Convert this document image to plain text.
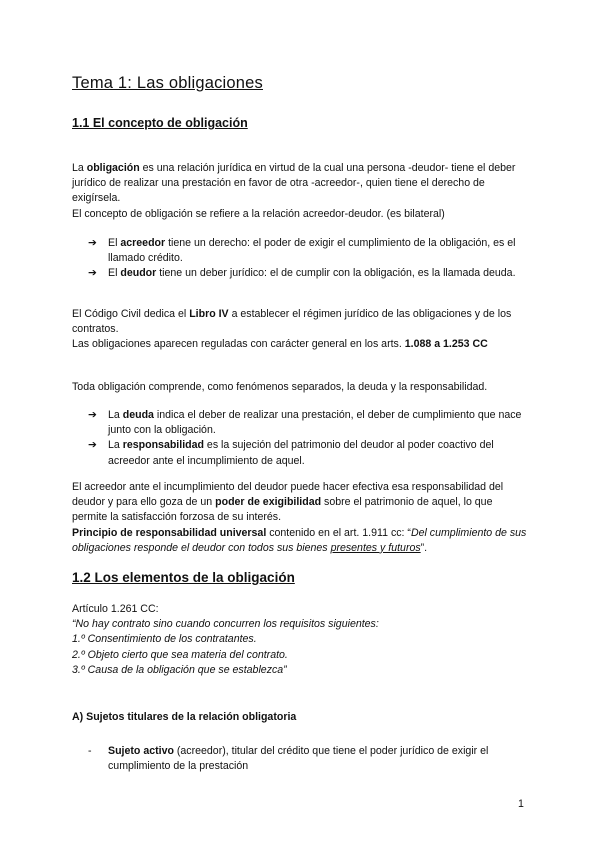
Tema 1: Las obligaciones
1.1 El concepto de obligación
La obligación es una relación jurídica en virtud de la cual una persona -deudor- tiene el deber jurídico de realizar una prestación en favor de otra -acreedor-, quien tiene el derecho de exigírsela.
El concepto de obligación se refiere a la relación acreedor-deudor. (es bilateral)
➔ El acreedor tiene un derecho: el poder de exigir el cumplimiento de la obligación, es el llamado crédito.
➔ El deudor tiene un deber jurídico: el de cumplir con la obligación, es la llamada deuda.
El Código Civil dedica el Libro IV a establecer el régimen jurídico de las obligaciones y de los contratos.
Las obligaciones aparecen reguladas con carácter general en los arts. 1.088 a 1.253 CC
Toda obligación comprende, como fenómenos separados, la deuda y la responsabilidad.
➔ La deuda indica el deber de realizar una prestación, el deber de cumplimiento que nace junto con la obligación.
➔ La responsabilidad es la sujeción del patrimonio del deudor al poder coactivo del acreedor ante el incumplimiento de aquel.
El acreedor ante el incumplimiento del deudor puede hacer efectiva esa responsabilidad del deudor y para ello goza de un poder de exigibilidad sobre el patrimonio de aquel, lo que permite la satisfacción forzosa de su interés.
Principio de responsabilidad universal contenido en el art. 1.911 cc: “Del cumplimiento de sus obligaciones responde el deudor con todos sus bienes presentes y futuros”.
1.2 Los elementos de la obligación
Artículo 1.261 CC:
“No hay contrato sino cuando concurren los requisitos siguientes:
1.º Consentimiento de los contratantes.
2.º Objeto cierto que sea materia del contrato.
3.º Causa de la obligación que se establezca”
A) Sujetos titulares de la relación obligatoria
- Sujeto activo (acreedor), titular del crédito que tiene el poder jurídico de exigir el cumplimiento de la prestación
1
